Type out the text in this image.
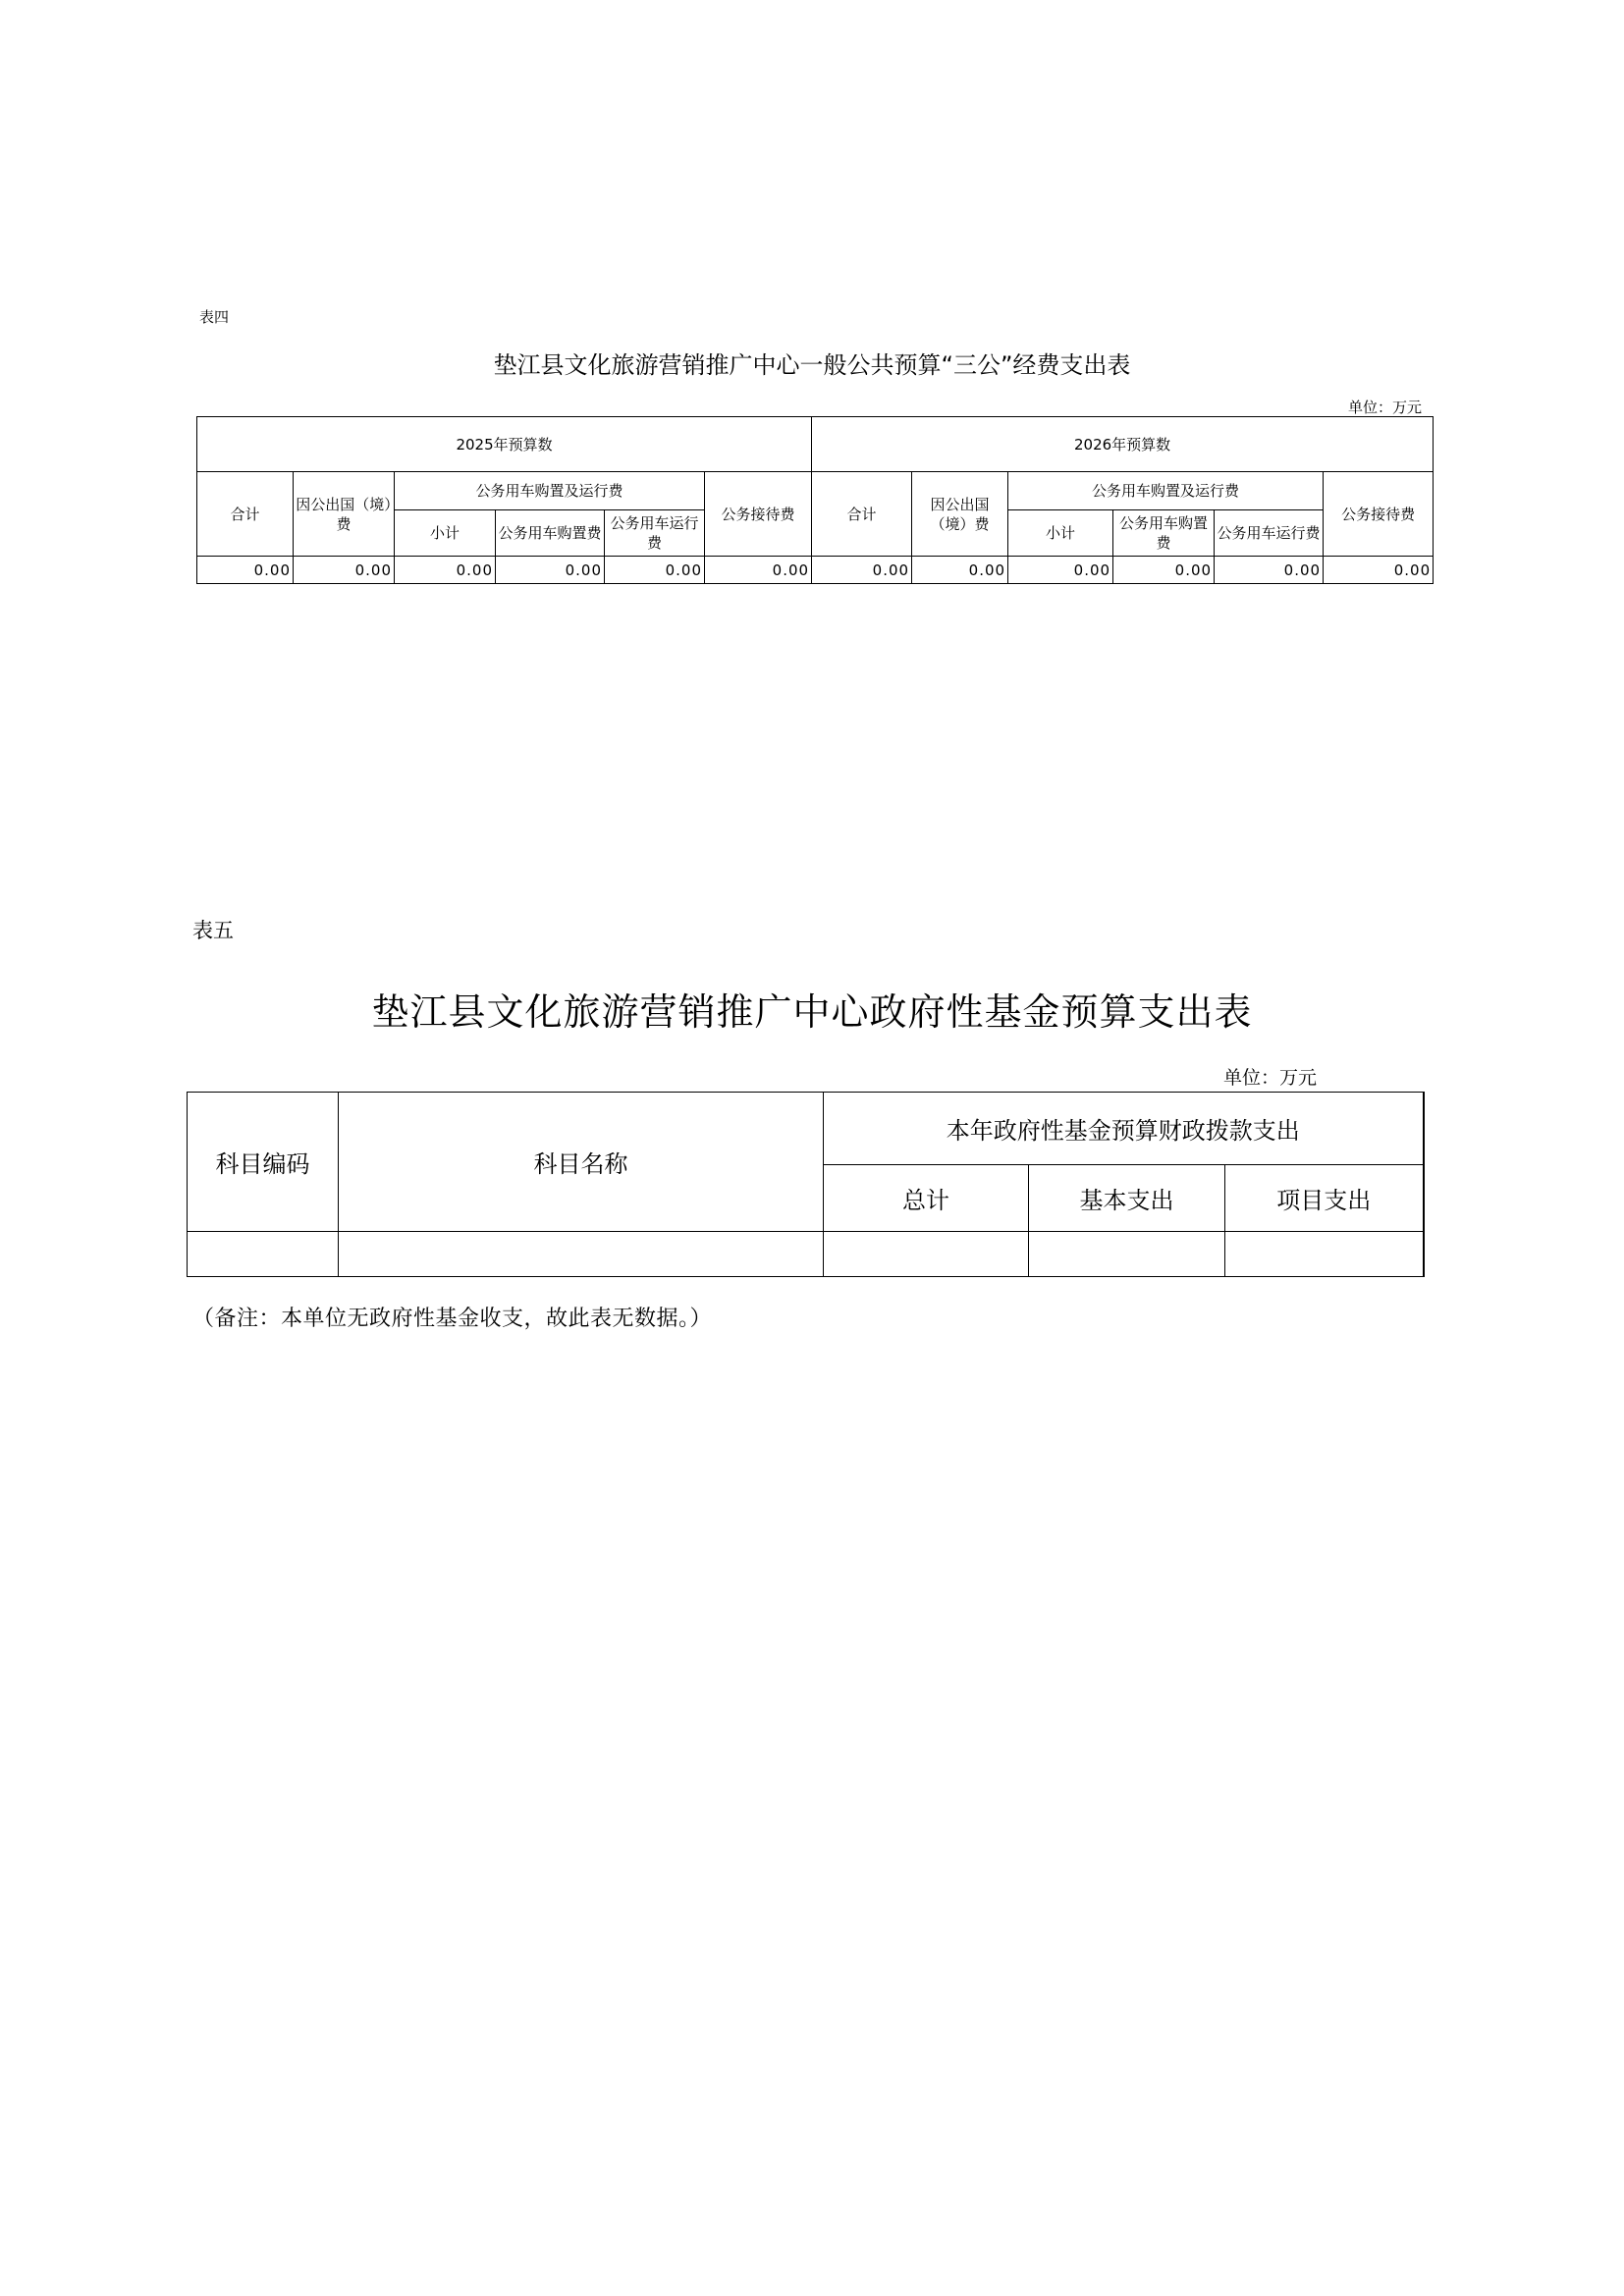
表四
垫江县文化旅游营销推广中心一般公共预算“三公”经费支出表
单位：万元
2025年预算数						2026年预算数					
合计	因公出国（境）费	公务用车购置及运行费			公务接待费	合计	因公出国（境）费	公务用车购置及运行费			公务接待费
		小计	公务用车购置费	公务用车运行费				小计	公务用车购置费	公务用车运行费	
0.00	0.00	0.00	0.00	0.00	0.00	0.00	0.00	0.00	0.00	0.00	0.00
表五
垫江县文化旅游营销推广中心政府性基金预算支出表
单位：万元
科目编码	科目名称	本年政府性基金预算财政拨款支出		
		总计	基本支出	项目支出

（备注：本单位无政府性基金收支，故此表无数据。）
